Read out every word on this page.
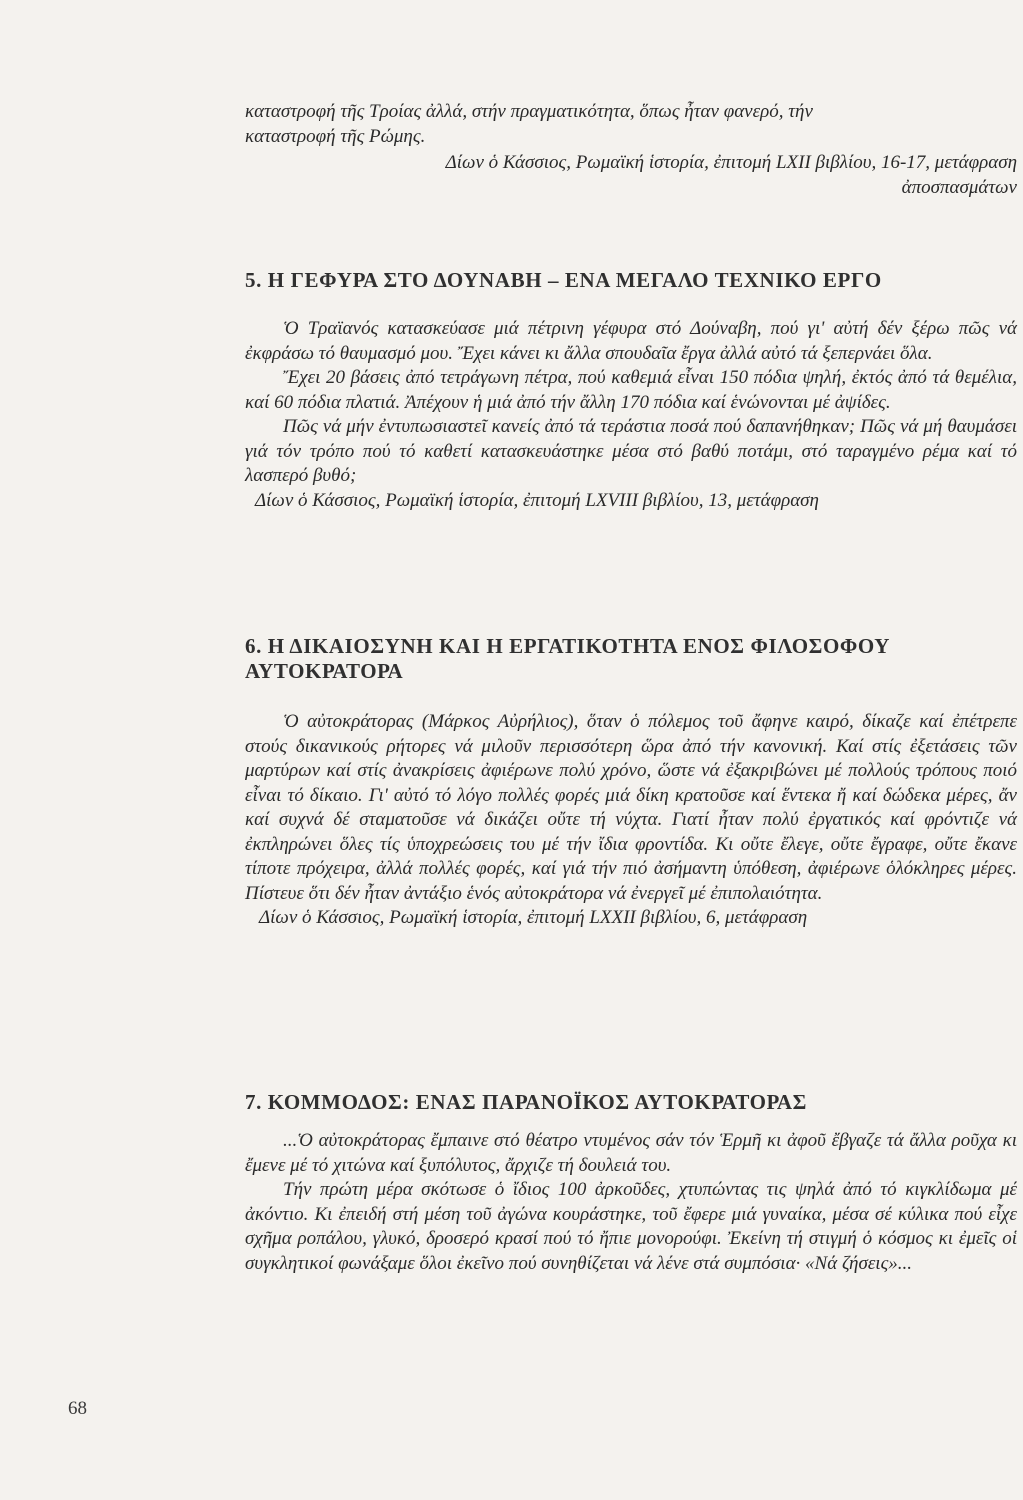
καταστροφή τῆς Τροίας ἀλλά, στήν πραγματικότητα, ὅπως ἦταν φανερό, τήν

καταστροφή τῆς Ρώμης.

Δίων ὁ Κάσσιος, Ρωμαϊκή ἱστορία, ἐπιτομή LXII βιβλίου, 16-17, μετάφραση

ἀποσπασμάτων

5. Η ΓΕΦΥΡΑ ΣΤΟ ΔΟΥΝΑΒΗ – ΕΝΑ ΜΕΓΑΛΟ ΤΕΧΝΙΚΟ ΕΡΓΟ

Ὁ Τραϊανός κατασκεύασε μιά πέτρινη γέφυρα στό Δούναβη, πού γι' αὐτή δέν ξέρω πῶς νά ἐκφράσω τό θαυμασμό μου. Ἔχει κάνει κι ἄλλα σπουδαῖα ἔργα ἀλλά αὐτό τά ξεπερνάει ὅλα.

Ἔχει 20 βάσεις ἀπό τετράγωνη πέτρα, πού καθεμιά εἶναι 150 πόδια ψηλή, ἐκτός ἀπό τά θεμέλια, καί 60 πόδια πλατιά. Ἀπέχουν ἡ μιά ἀπό τήν ἄλλη 170 πόδια καί ἑνώνονται μέ ἀψίδες.

Πῶς νά μήν ἐντυπωσιαστεῖ κανείς ἀπό τά τεράστια ποσά πού δαπανήθηκαν; Πῶς νά μή θαυμάσει γιά τόν τρόπο πού τό καθετί κατασκευάστηκε μέσα στό βαθύ ποτάμι, στό ταραγμένο ρέμα καί τό λασπερό βυθό;

Δίων ὁ Κάσσιος, Ρωμαϊκή ἱστορία, ἐπιτομή LXVIII βιβλίου, 13, μετάφραση

6. Η ΔΙΚΑΙΟΣΥΝΗ ΚΑΙ Η ΕΡΓΑΤΙΚΟΤΗΤΑ ΕΝΟΣ ΦΙΛΟΣΟΦΟΥ
ΑΥΤΟΚΡΑΤΟΡΑ

Ὁ αὐτοκράτορας (Μάρκος Αὐρήλιος), ὅταν ὁ πόλεμος τοῦ ἄφηνε καιρό, δίκαζε καί ἐπέτρεπε στούς δικανικούς ρήτορες νά μιλοῦν περισσότερη ὥρα ἀπό τήν κανονική. Καί στίς ἐξετάσεις τῶν μαρτύρων καί στίς ἀνακρίσεις ἀφιέρωνε πολύ χρόνο, ὥστε νά ἐξακριβώνει μέ πολλούς τρόπους ποιό εἶναι τό δίκαιο. Γι' αὐτό τό λόγο πολλές φορές μιά δίκη κρατοῦσε καί ἕντεκα ἤ καί δώδεκα μέρες, ἄν καί συχνά δέ σταματοῦσε νά δικάζει οὔτε τή νύχτα. Γιατί ἦταν πολύ ἐργατικός καί φρόντιζε νά ἐκπληρώνει ὅλες τίς ὑποχρεώσεις του μέ τήν ἴδια φροντίδα. Κι οὔτε ἔλεγε, οὔτε ἔγραφε, οὔτε ἔκανε τίποτε πρόχειρα, ἀλλά πολλές φορές, καί γιά τήν πιό ἀσήμαντη ὑπόθεση, ἀφιέρωνε ὁλόκληρες μέρες. Πίστευε ὅτι δέν ἦταν ἀντάξιο ἑνός αὐτοκράτορα νά ἐνεργεῖ μέ ἐπιπολαιότητα.

Δίων ὁ Κάσσιος, Ρωμαϊκή ἱστορία, ἐπιτομή LXXII βιβλίου, 6, μετάφραση

7. ΚΟΜΜΟΔΟΣ: ΕΝΑΣ ΠΑΡΑΝΟΪΚΟΣ ΑΥΤΟΚΡΑΤΟΡΑΣ

...Ὁ αὐτοκράτορας ἔμπαινε στό θέατρο ντυμένος σάν τόν Ἑρμῆ κι ἀφοῦ ἔβγαζε τά ἄλλα ροῦχα κι ἔμενε μέ τό χιτώνα καί ξυπόλυτος, ἄρχιζε τή δουλειά του.

Τήν πρώτη μέρα σκότωσε ὁ ἴδιος 100 ἀρκοῦδες, χτυπώντας τις ψηλά ἀπό τό κιγκλίδωμα μέ ἀκόντιο. Κι ἐπειδή στή μέση τοῦ ἀγώνα κουράστηκε, τοῦ ἔφερε μιά γυναίκα, μέσα σέ κύλικα πού εἶχε σχῆμα ροπάλου, γλυκό, δροσερό κρασί πού τό ἤπιε μονορούφι. Ἐκείνη τή στιγμή ὁ κόσμος κι ἐμεῖς οἱ συγκλητικοί φωνάξαμε ὅλοι ἐκεῖνο πού συνηθίζεται νά λένε στά συμπόσια· «Νά ζήσεις»...

68
